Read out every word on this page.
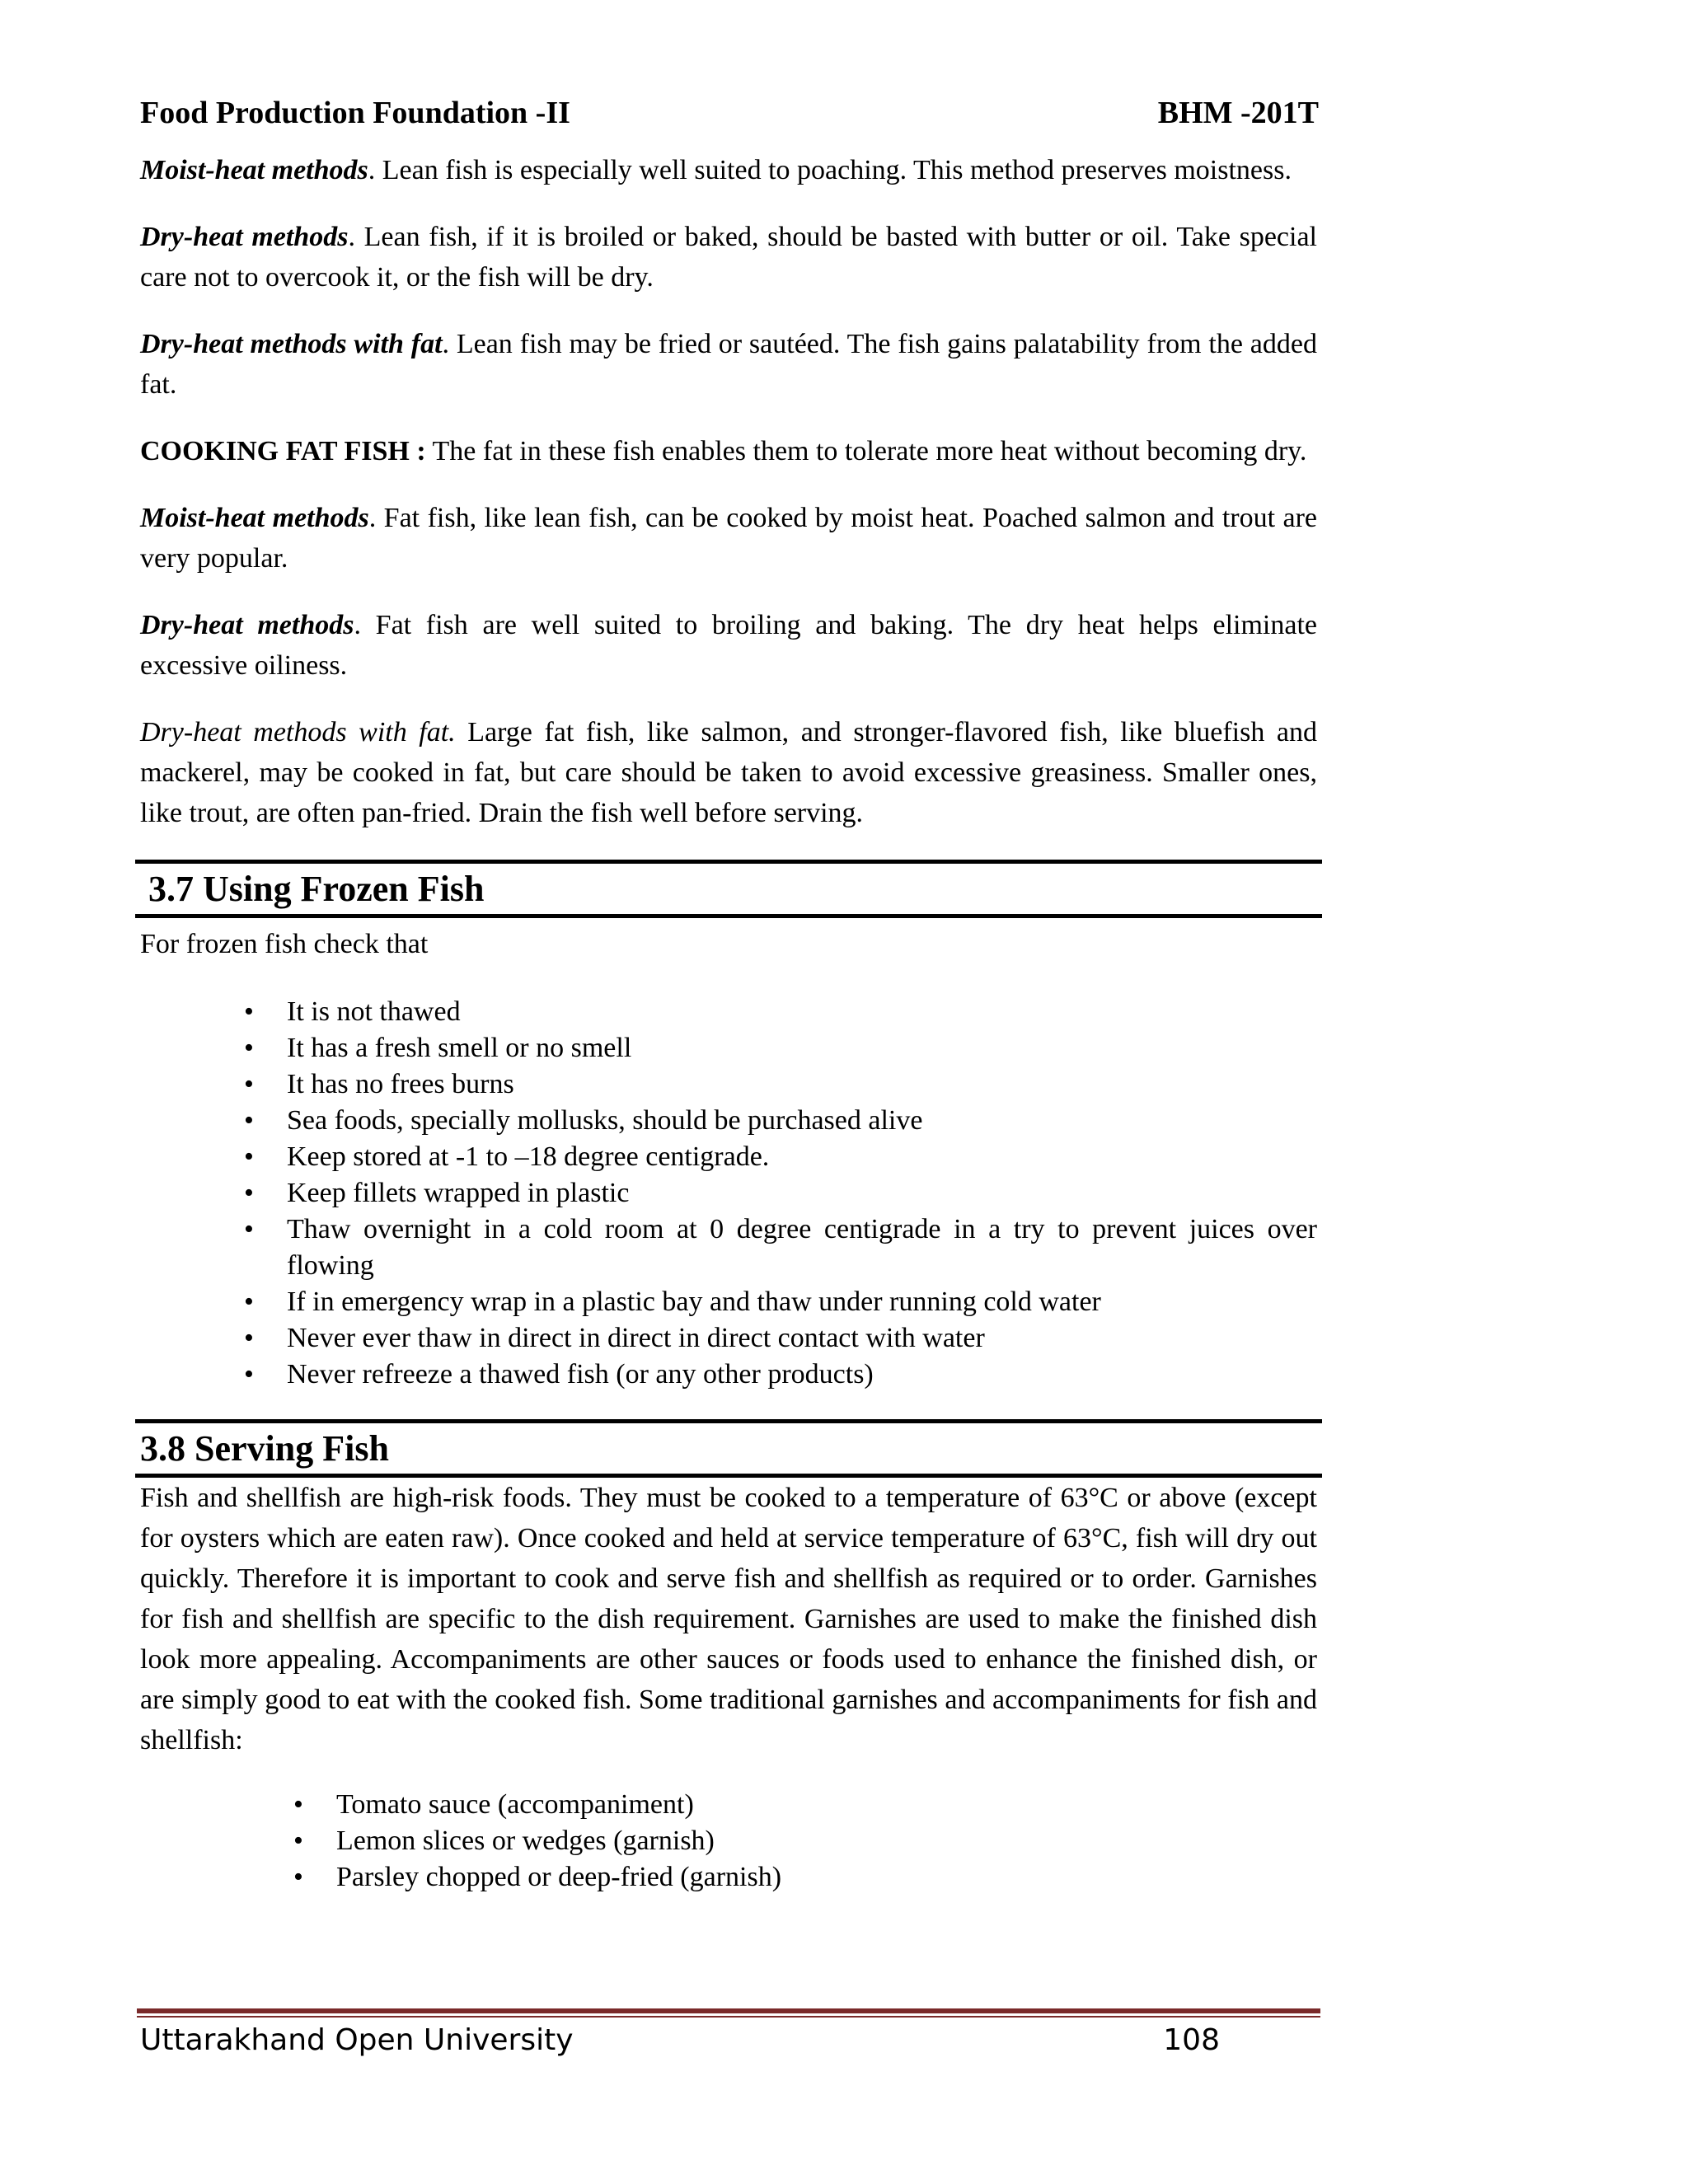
Food Production Foundation -II	BHM -201T

Moist-heat methods. Lean fish is especially well suited to poaching. This method preserves moistness.

Dry-heat methods. Lean fish, if it is broiled or baked, should be basted with butter or oil. Take special care not to overcook it, or the fish will be dry.

Dry-heat methods with fat. Lean fish may be fried or sautéed. The fish gains palatability from the added fat.

COOKING FAT FISH : The fat in these fish enables them to tolerate more heat without becoming dry.

Moist-heat methods. Fat fish, like lean fish, can be cooked by moist heat. Poached salmon and trout are very popular.

Dry-heat methods. Fat fish are well suited to broiling and baking. The dry heat helps eliminate excessive oiliness.

Dry-heat methods with fat. Large fat fish, like salmon, and stronger-flavored fish, like bluefish and mackerel, may be cooked in fat, but care should be taken to avoid excessive greasiness. Smaller ones, like trout, are often pan-fried. Drain the fish well before serving.

3.7 Using Frozen Fish

For frozen fish check that

• It is not thawed
• It has a fresh smell or no smell
• It has no frees burns
• Sea foods, specially mollusks, should be purchased alive
• Keep stored at -1 to –18 degree centigrade.
• Keep fillets wrapped in plastic
• Thaw overnight in a cold room at 0 degree centigrade in a try to prevent juices over flowing
• If in emergency wrap in a plastic bay and thaw under running cold water
• Never ever thaw in direct in direct in direct contact with water
• Never refreeze a thawed fish (or any other products)
3.8 Serving Fish

Fish and shellfish are high-risk foods. They must be cooked to a temperature of 63°C or above (except for oysters which are eaten raw). Once cooked and held at service temperature of 63°C, fish will dry out quickly. Therefore it is important to cook and serve fish and shellfish as required or to order. Garnishes for fish and shellfish are specific to the dish requirement. Garnishes are used to make the finished dish look more appealing. Accompaniments are other sauces or foods used to enhance the finished dish, or are simply good to eat with the cooked fish. Some traditional garnishes and accompaniments for fish and shellfish:

• Tomato sauce (accompaniment)
• Lemon slices or wedges (garnish)
• Parsley chopped or deep-fried (garnish)
Uttarakhand Open University	108
